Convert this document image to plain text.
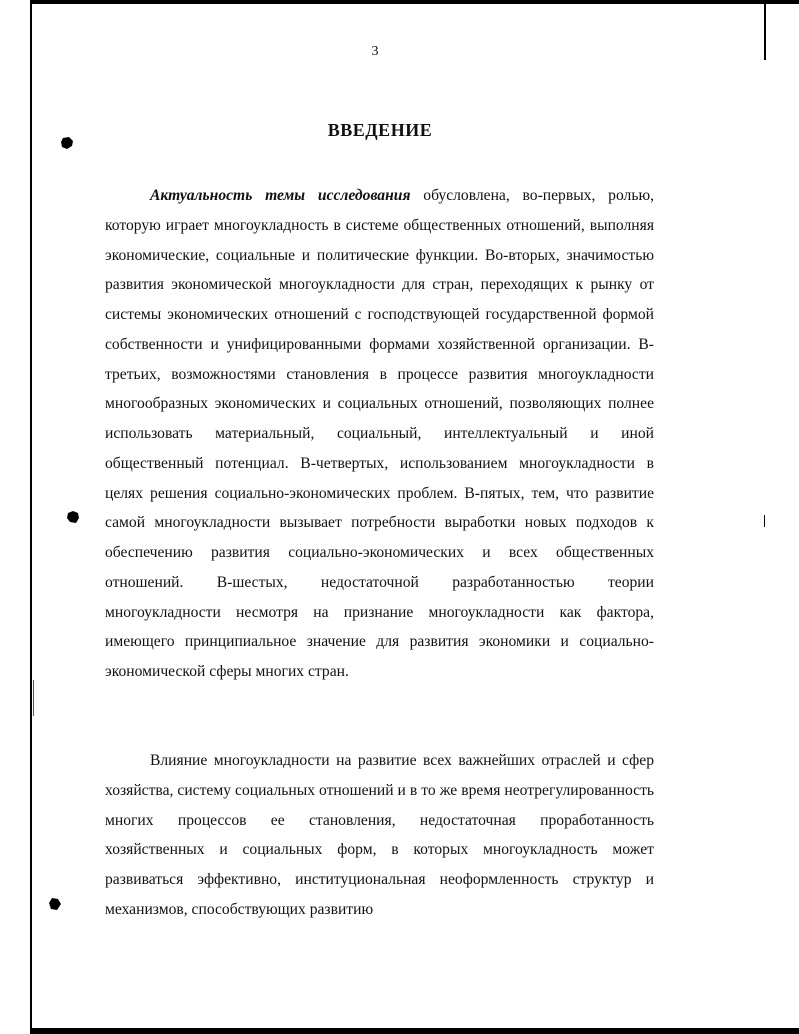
3
ВВЕДЕНИЕ

Актуальность темы исследования обусловлена, во-первых, ролью, которую играет многоукладность в системе общественных отношений, выполняя экономические, социальные и политические функции. Во-вторых, значимостью развития экономической многоукладности для стран, переходящих к рынку от системы экономических отношений с господствующей государственной формой собственности и унифицированными формами хозяйственной организации. В-третьих, возможностями становления в процессе развития многоукладности многообразных экономических и социальных отношений, позволяющих полнее использовать материальный, социальный, интеллектуальный и иной общественный потенциал. В-четвертых, использованием многоукладности в целях решения социально-экономических проблем. В-пятых, тем, что развитие самой многоукладности вызывает потребности выработки новых подходов к обеспечению развития социально-экономических и всех общественных отношений. В-шестых, недостаточной разработанностью теории многоукладности несмотря на признание многоукладности как фактора, имеющего принципиальное значение для развития экономики и социально-экономической сферы многих стран.

Влияние многоукладности на развитие всех важнейших отраслей и сфер хозяйства, систему социальных отношений и в то же время неотрегулированность многих процессов ее становления, недостаточная проработанность хозяйственных и социальных форм, в которых многоукладность может развиваться эффективно, институциональная неоформленность структур и механизмов, способствующих развитию
